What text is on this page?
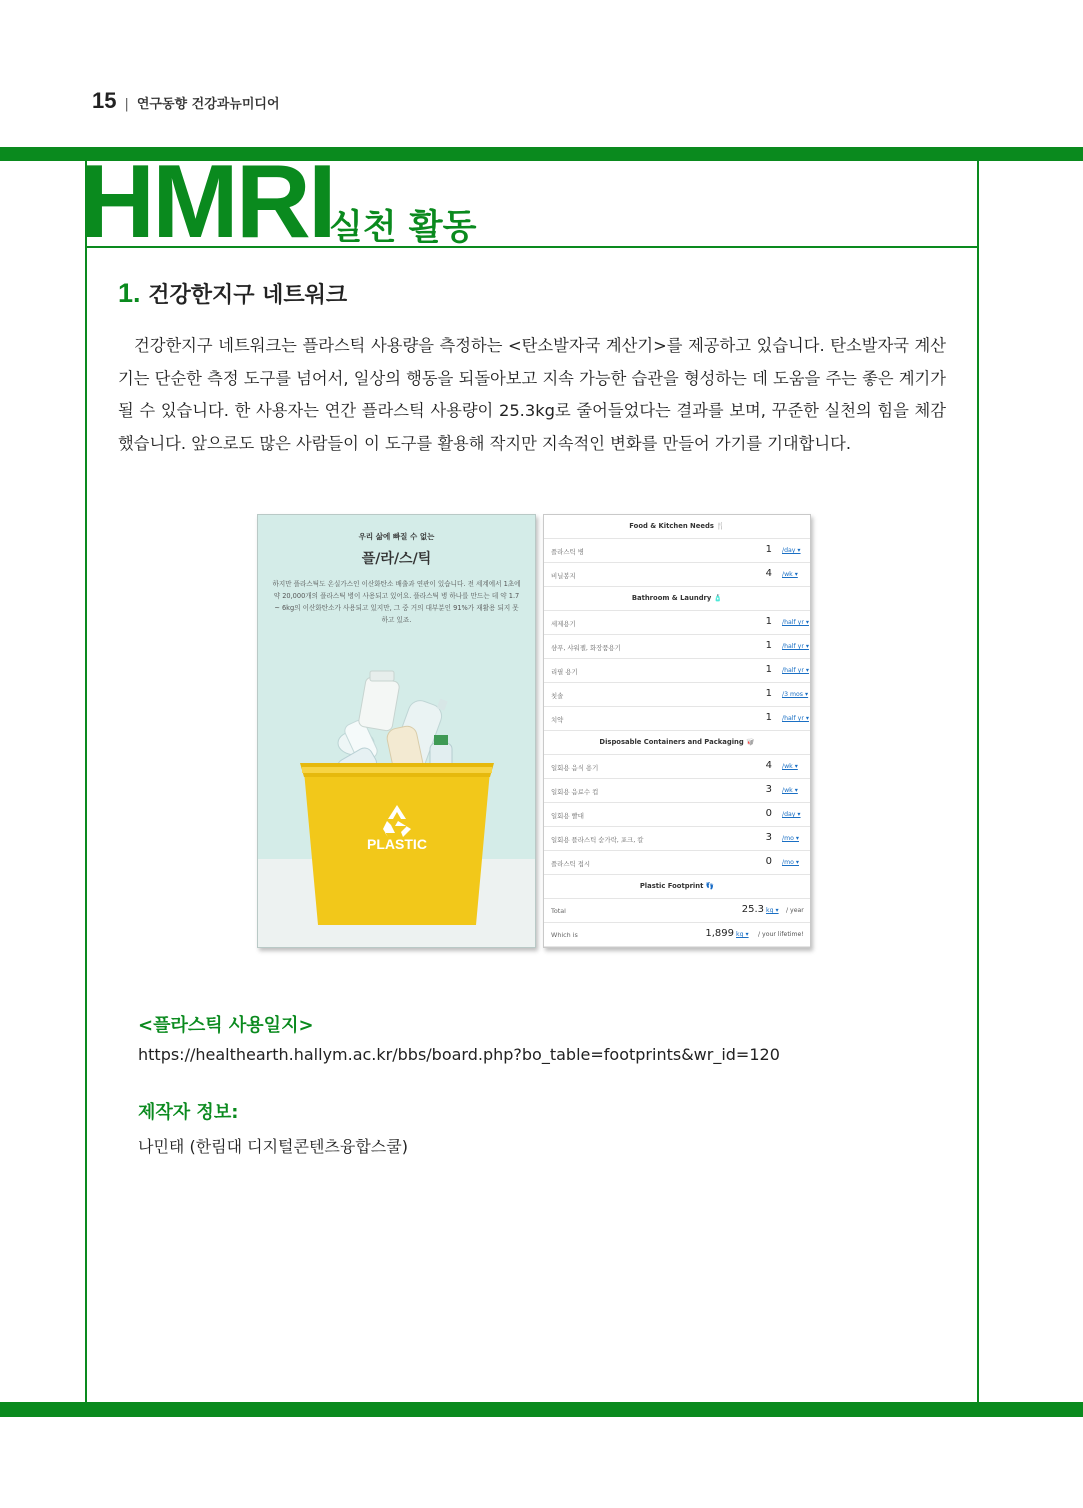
15 | 연구동향 건강과뉴미디어
HMRI
실천 활동
1. 건강한지구 네트워크
건강한지구 네트워크는 플라스틱 사용량을 측정하는 <탄소발자국 계산기>를 제공하고 있습니다. 탄소발자국 계산기는 단순한 측정 도구를 넘어서, 일상의 행동을 되돌아보고 지속 가능한 습관을 형성하는 데 도움을 주는 좋은 계기가 될 수 있습니다. 한 사용자는 연간 플라스틱 사용량이 25.3kg로 줄어들었다는 결과를 보며, 꾸준한 실천의 힘을 체감했습니다. 앞으로도 많은 사람들이 이 도구를 활용해 작지만 지속적인 변화를 만들어 가기를 기대합니다.
우리 삶에 빠질 수 없는
플/라/스/틱
하지만 플라스틱도 온실가스인 이산화탄소 배출과 연관이 있습니다. 전 세계에서 1초에 약 20,000개의 플라스틱 병이 사용되고 있어요. 플라스틱 병 하나를 만드는 데 약 1.7 ~ 6kg의 이산화탄소가 사용되고 있지만, 그 중 거의 대부분인 91%가 재활용 되지 못하고 있죠.
PLASTIC
Food & Kitchen Needs 🍴
플라스틱 병	1 /day ▾
비닐봉지	4 /wk ▾
Bathroom & Laundry 🧴
세제용기	1 /half yr ▾
샴푸, 샤워젤, 화장품용기	1 /half yr ▾
리필 용기	1 /half yr ▾
칫솔	1 /3 mos ▾
치약	1 /half yr ▾
Disposable Containers and Packaging 🥡
일회용 음식 용기	4 /wk ▾
일회용 음료수 컵	3 /wk ▾
일회용 빨대	0 /day ▾
일회용 플라스틱 숟가락, 포크, 칼	3 /mo ▾
플라스틱 접시	0 /mo ▾
Plastic Footprint 👣
Total	25.3 kg ▾ / year
Which is	1,899 kg ▾ / your lifetime!
<플라스틱 사용일지>
https://healthearth.hallym.ac.kr/bbs/board.php?bo_table=footprints&wr_id=120
제작자 정보:
나민태 (한림대 디지털콘텐츠융합스쿨)
